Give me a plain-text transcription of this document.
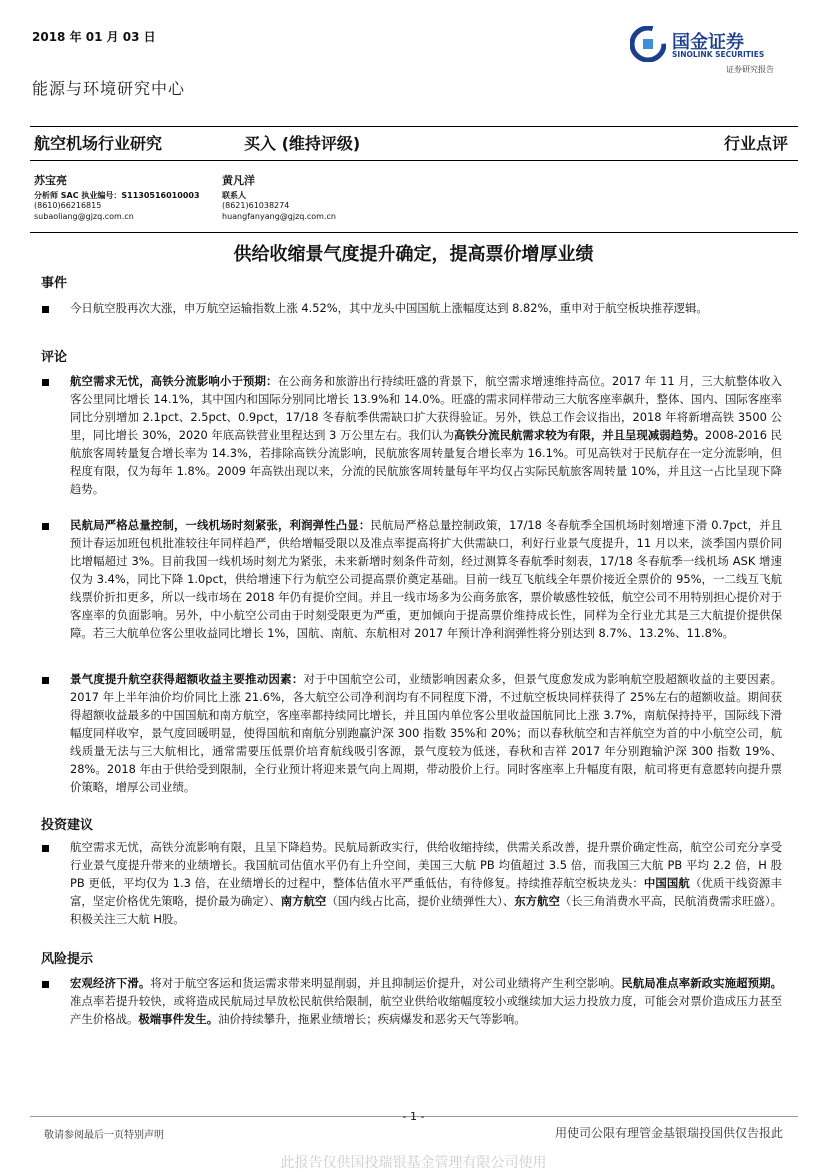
2018 年 01 月 03 日
能源与环境研究中心
国金证券
SINOLINK SECURITIES
证券研究报告
航空机场行业研究	买入 (维持评级)	行业点评
苏宝亮
分析师 SAC 执业编号：S1130516010003
(8610)66216815
subaoliang@gjzq.com.cn
黄凡洋
联系人
(8621)61038274
huangfanyang@gjzq.com.cn
供给收缩景气度提升确定，提高票价增厚业绩
事件
今日航空股再次大涨，申万航空运输指数上涨 4.52%，其中龙头中国国航上涨幅度达到 8.82%，重申对于航空板块推荐逻辑。
评论
航空需求无忧，高铁分流影响小于预期：在公商务和旅游出行持续旺盛的背景下，航空需求增速维持高位。2017 年 11 月，三大航整体收入客公里同比增长 14.1%，其中国内和国际分别同比增长 13.9%和 14.0%。旺盛的需求同样带动三大航客座率飙升，整体、国内、国际客座率同比分别增加 2.1pct、2.5pct、0.9pct，17/18 冬春航季供需缺口扩大获得验证。另外，铁总工作会议指出，2018 年将新增高铁 3500 公里，同比增长 30%，2020 年底高铁营业里程达到 3 万公里左右。我们认为高铁分流民航需求较为有限，并且呈现减弱趋势。2008-2016 民航旅客周转量复合增长率为 14.3%，若排除高铁分流影响，民航旅客周转量复合增长率为 16.1%。可见高铁对于民航存在一定分流影响，但程度有限，仅为每年 1.8%。2009 年高铁出现以来，分流的民航旅客周转量每年平均仅占实际民航旅客周转量 10%，并且这一占比呈现下降趋势。
民航局严格总量控制，一线机场时刻紧张，利润弹性凸显：民航局严格总量控制政策，17/18 冬春航季全国机场时刻增速下滑 0.7pct，并且预计春运加班包机批准较往年同样趋严，供给增幅受限以及准点率提高将扩大供需缺口，利好行业景气度提升，11 月以来，淡季国内票价同比增幅超过 3%。目前我国一线机场时刻尤为紧张，未来新增时刻条件苛刻，经过测算冬春航季时刻表，17/18 冬春航季一线机场 ASK 增速仅为 3.4%，同比下降 1.0pct，供给增速下行为航空公司提高票价奠定基础。目前一线互飞航线全年票价接近全票价的 95%，一二线互飞航线票价折扣更多，所以一线市场在 2018 年仍有提价空间。并且一线市场多为公商务旅客，票价敏感性较低，航空公司不用特别担心提价对于客座率的负面影响。另外，中小航空公司由于时刻受限更为严重，更加倾向于提高票价维持成长性，同样为全行业尤其是三大航提价提供保障。若三大航单位客公里收益同比增长 1%，国航、南航、东航相对 2017 年预计净利润弹性将分别达到 8.7%、13.2%、11.8%。
景气度提升航空获得超额收益主要推动因素：对于中国航空公司，业绩影响因素众多，但景气度愈发成为影响航空股超额收益的主要因素。2017 年上半年油价均价同比上涨 21.6%，各大航空公司净利润均有不同程度下滑，不过航空板块同样获得了 25%左右的超额收益。期间获得超额收益最多的中国国航和南方航空，客座率都持续同比增长，并且国内单位客公里收益国航同比上涨 3.7%，南航保持持平，国际线下滑幅度同样收窄，景气度回暖明显，使得国航和南航分别跑赢沪深 300 指数 35%和 20%；而以春秋航空和吉祥航空为首的中小航空公司，航线质量无法与三大航相比，通常需要压低票价培育航线吸引客源，景气度较为低迷，春秋和吉祥 2017 年分别跑输沪深 300 指数 19%、28%。2018 年由于供给受到限制，全行业预计将迎来景气向上周期，带动股价上行。同时客座率上升幅度有限，航司将更有意愿转向提升票价策略，增厚公司业绩。
投资建议
航空需求无忧，高铁分流影响有限，且呈下降趋势。民航局新政实行，供给收缩持续，供需关系改善，提升票价确定性高，航空公司充分享受行业景气度提升带来的业绩增长。我国航司估值水平仍有上升空间，美国三大航 PB 均值超过 3.5 倍，而我国三大航 PB 平均 2.2 倍，H 股 PB 更低，平均仅为 1.3 倍，在业绩增长的过程中，整体估值水平严重低估，有待修复。持续推荐航空板块龙头：中国国航（优质干线资源丰富，坚定价格优先策略，提价最为确定）、南方航空（国内线占比高，提价业绩弹性大）、东方航空（长三角消费水平高，民航消费需求旺盛）。积极关注三大航 H股。
风险提示
宏观经济下滑。将对于航空客运和货运需求带来明显削弱，并且抑制运价提升，对公司业绩将产生利空影响。民航局准点率新政实施超预期。准点率若提升较快，或将造成民航局过早放松民航供给限制，航空业供给收缩幅度较小或继续加大运力投放力度，可能会对票价造成压力甚至产生价格战。极端事件发生。油价持续攀升，拖累业绩增长；疾病爆发和恶劣天气等影响。
- 1 -
敬请参阅最后一页特别声明	用使司公限有理管金基银瑞投国供仅告报此
此报告仅供国投瑞银基金管理有限公司使用
